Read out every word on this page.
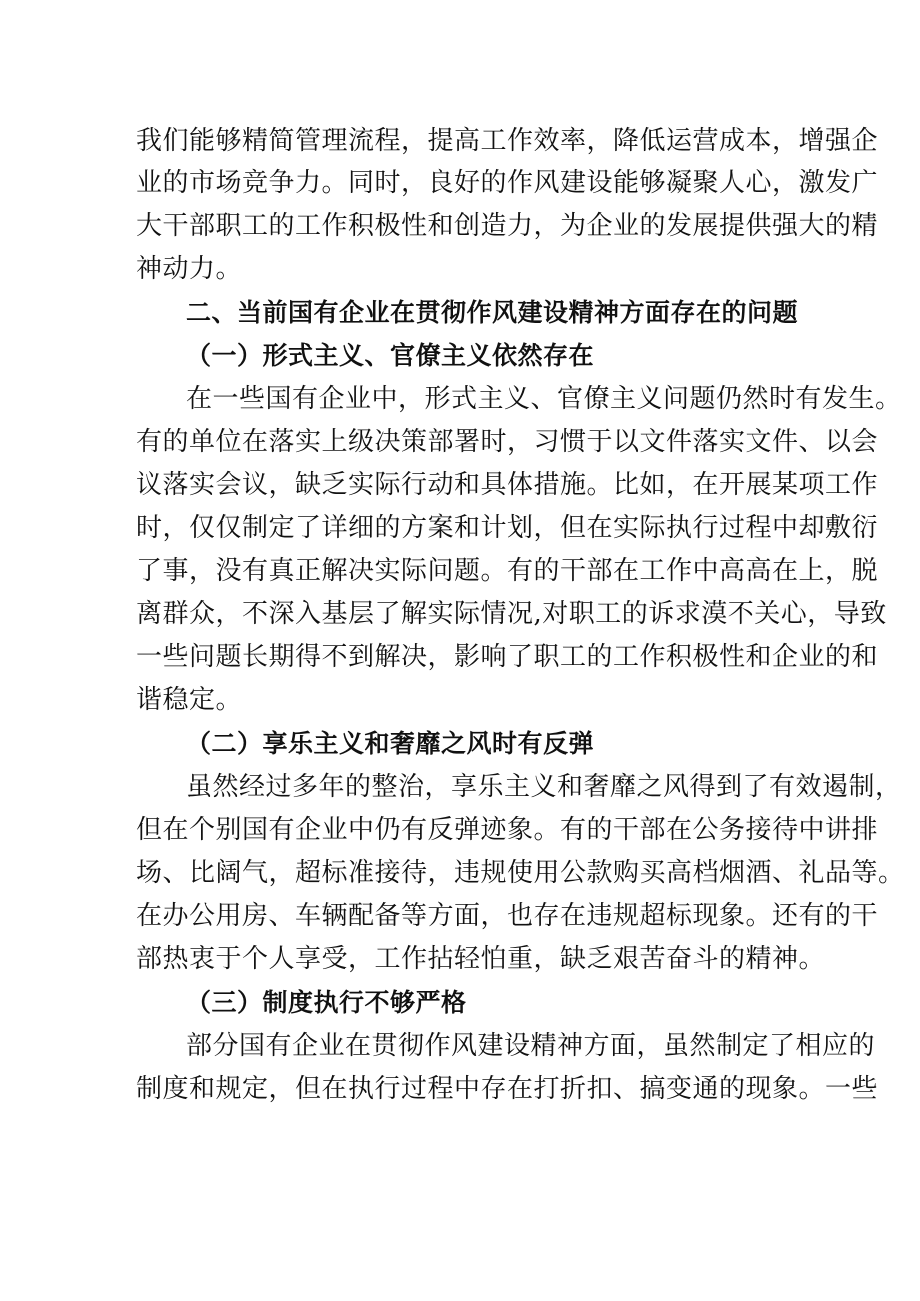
我们能够精简管理流程，提高工作效率，降低运营成本，增强企
业的市场竞争力。同时，良好的作风建设能够凝聚人心，激发广
大干部职工的工作积极性和创造力，为企业的发展提供强大的精
神动力。
二、当前国有企业在贯彻作风建设精神方面存在的问题
（一）形式主义、官僚主义依然存在
在一些国有企业中，形式主义、官僚主义问题仍然时有发生。
有的单位在落实上级决策部署时，习惯于以文件落实文件、以会
议落实会议，缺乏实际行动和具体措施。比如，在开展某项工作
时，仅仅制定了详细的方案和计划，但在实际执行过程中却敷衍
了事，没有真正解决实际问题。有的干部在工作中高高在上，脱
离群众，不深入基层了解实际情况,对职工的诉求漠不关心，导致
一些问题长期得不到解决，影响了职工的工作积极性和企业的和
谐稳定。
（二）享乐主义和奢靡之风时有反弹
虽然经过多年的整治，享乐主义和奢靡之风得到了有效遏制，
但在个别国有企业中仍有反弹迹象。有的干部在公务接待中讲排
场、比阔气，超标准接待，违规使用公款购买高档烟酒、礼品等。
在办公用房、车辆配备等方面，也存在违规超标现象。还有的干
部热衷于个人享受，工作拈轻怕重，缺乏艰苦奋斗的精神。
（三）制度执行不够严格
部分国有企业在贯彻作风建设精神方面，虽然制定了相应的
制度和规定，但在执行过程中存在打折扣、搞变通的现象。一些
